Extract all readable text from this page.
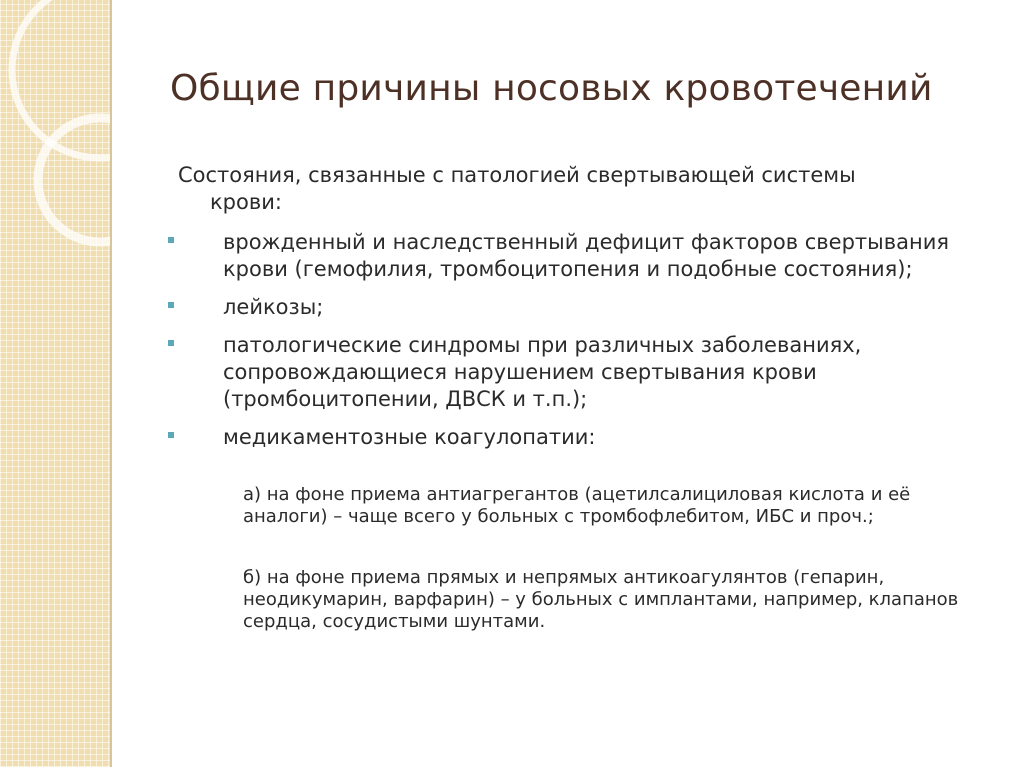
Общие причины носовых кровотечений
Состояния, связанные с патологией свертывающей системы
крови:
врожденный и наследственный дефицит факторов свертывания крови (гемофилия, тромбоцитопения и подобные состояния);
лейкозы;
патологические синдромы при различных заболеваниях, сопровождающиеся нарушением свертывания крови (тромбоцитопении, ДВСК и т.п.);
медикаментозные коагулопатии:
а) на фоне приема антиагрегантов (ацетилсалициловая кислота и её аналоги) – чаще всего у больных с тромбофлебитом, ИБС и проч.;
б) на фоне приема прямых и непрямых антикоагулянтов (гепарин, неодикумарин, варфарин) – у больных с имплантами, например, клапанов сердца, сосудистыми шунтами.
